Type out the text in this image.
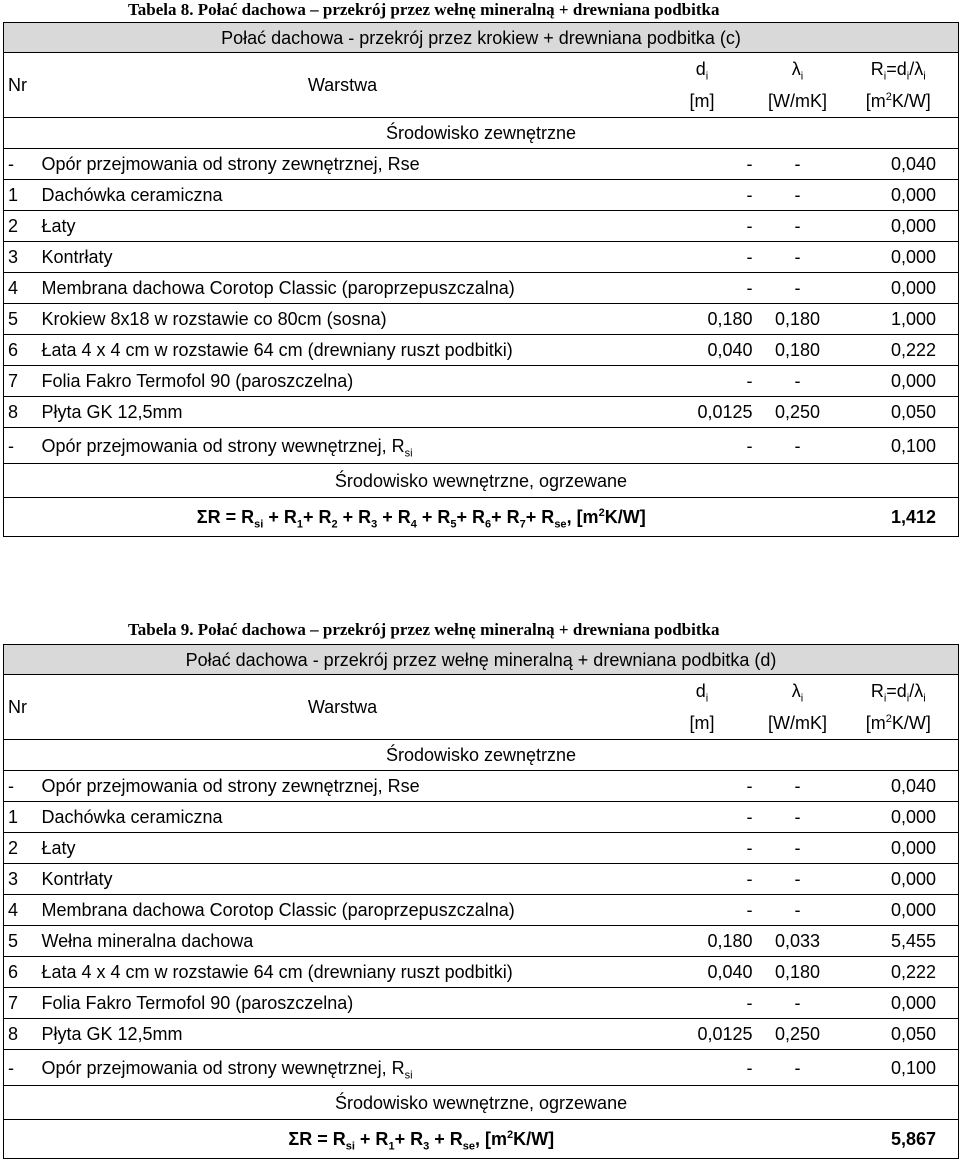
Tabela 8. Połać dachowa – przekrój przez wełnę mineralną + drewniana podbitka
Połać dachowa - przekrój przez krokiew + drewniana podbitka (c)				
Nr	Warstwa	$d_i$	$\lambda_i$	$R_i=d_i/\lambda_i$
		[m]	[W/mK]	$[m^2K/W]$
Środowisko zewnętrzne				
-	Opór przejmowania od strony zewnętrznej, Rse	-	-	0,040
1	Dachówka ceramiczna	-	-	0,000
2	Łaty	-	-	0,000
3	Kontrłaty	-	-	0,000
4	Membrana dachowa Corotop Classic (paroprzepuszczalna)	-	-	0,000
5	Krokiew 8x18 w rozstawie co 80cm (sosna)	0,180	0,180	1,000
6	Łata 4 x 4 cm w rozstawie 64 cm (drewniany ruszt podbitki)	0,040	0,180	0,222
7	Folia Fakro Termofol 90 (paroszczelna)	-	-	0,000
8	Płyta GK 12,5mm	0,0125	0,250	0,050
-	Opór przejmowania od strony wewnętrznej, $R_{si}$	-	-	0,100
Środowisko wewnętrzne, ogrzewane				
$\Sigma R = R_{si} + R_1+ R_2 + R_3 + R_4 + R_5+ R_6+ R_7+ R_{se}$, $[m^2K/W]$				1,412
Tabela 9. Połać dachowa – przekrój przez wełnę mineralną + drewniana podbitka
Połać dachowa - przekrój przez wełnę mineralną + drewniana podbitka (d)				
Nr	Warstwa	$d_i$	$\lambda_i$	$R_i=d_i/\lambda_i$
		[m]	[W/mK]	$[m^2K/W]$
Środowisko zewnętrzne				
-	Opór przejmowania od strony zewnętrznej, Rse	-	-	0,040
1	Dachówka ceramiczna	-	-	0,000
2	Łaty	-	-	0,000
3	Kontrłaty	-	-	0,000
4	Membrana dachowa Corotop Classic (paroprzepuszczalna)	-	-	0,000
5	Wełna mineralna dachowa	0,180	0,033	5,455
6	Łata 4 x 4 cm w rozstawie 64 cm (drewniany ruszt podbitki)	0,040	0,180	0,222
7	Folia Fakro Termofol 90 (paroszczelna)	-	-	0,000
8	Płyta GK 12,5mm	0,0125	0,250	0,050
-	Opór przejmowania od strony wewnętrznej, $R_{si}$	-	-	0,100
Środowisko wewnętrzne, ogrzewane				
$\Sigma R = R_{si} + R_1+ R_3 + R_{se}$, $[m^2K/W]$				5,867
